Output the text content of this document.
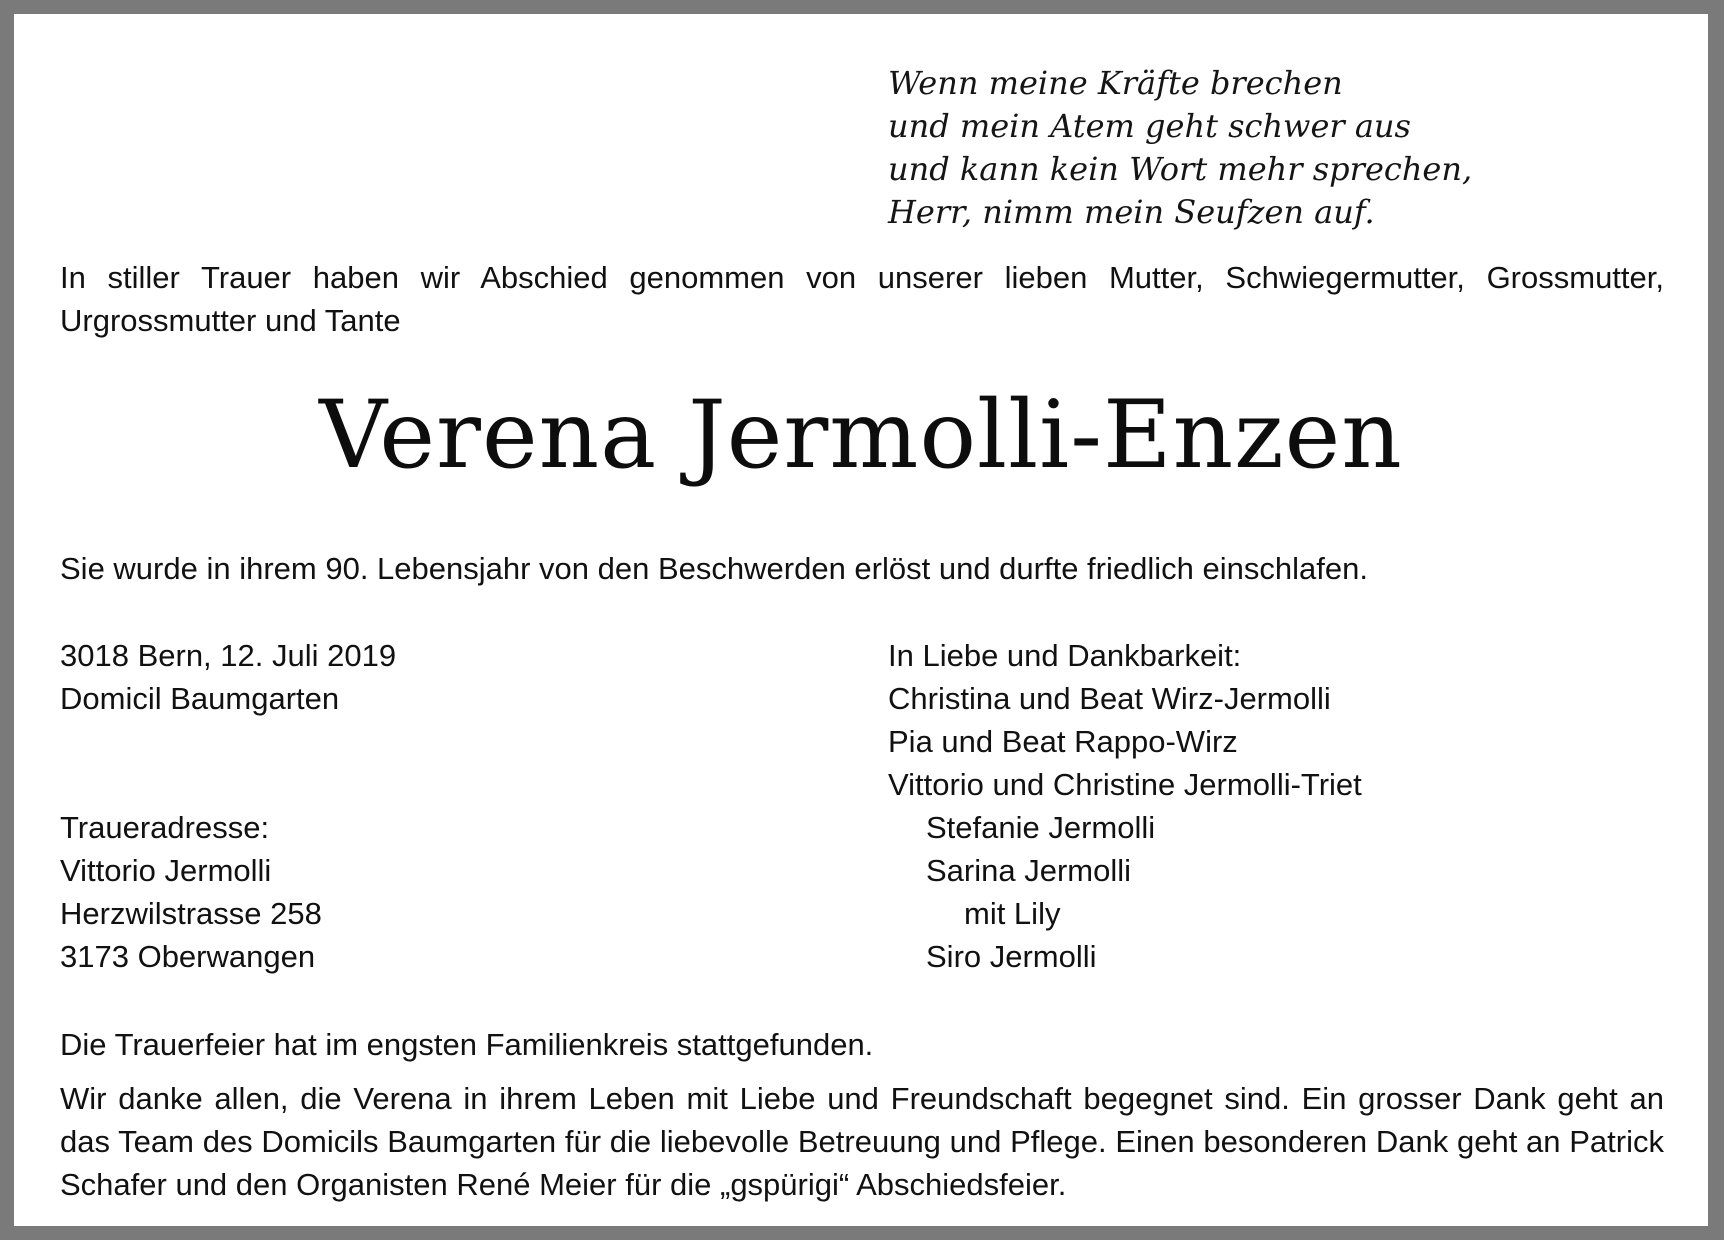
Wenn meine Kräfte brechen
und mein Atem geht schwer aus
und kann kein Wort mehr sprechen,
Herr, nimm mein Seufzen auf.
In stiller Trauer haben wir Abschied genommen von unserer lieben Mutter, Schwiegermutter, Grossmutter, Urgrossmutter und Tante
Verena Jermolli-Enzen
Sie wurde in ihrem 90. Lebensjahr von den Beschwerden erlöst und durfte friedlich einschlafen.
3018 Bern, 12. Juli 2019
Domicil Baumgarten
Traueradresse:
Vittorio Jermolli
Herzwilstrasse 258
3173 Oberwangen
In Liebe und Dankbarkeit:
Christina und Beat Wirz-Jermolli
Pia und Beat Rappo-Wirz
Vittorio und Christine Jermolli-Triet
Stefanie Jermolli
Sarina Jermolli
mit Lily
Siro Jermolli
Die Trauerfeier hat im engsten Familienkreis stattgefunden.
Wir danke allen, die Verena in ihrem Leben mit Liebe und Freundschaft begegnet sind. Ein grosser Dank geht an das Team des Domicils Baumgarten für die liebevolle Betreuung und Pflege. Einen besonderen Dank geht an Patrick Schafer und den Organisten René Meier für die „gspürigi“ Abschiedsfeier.
